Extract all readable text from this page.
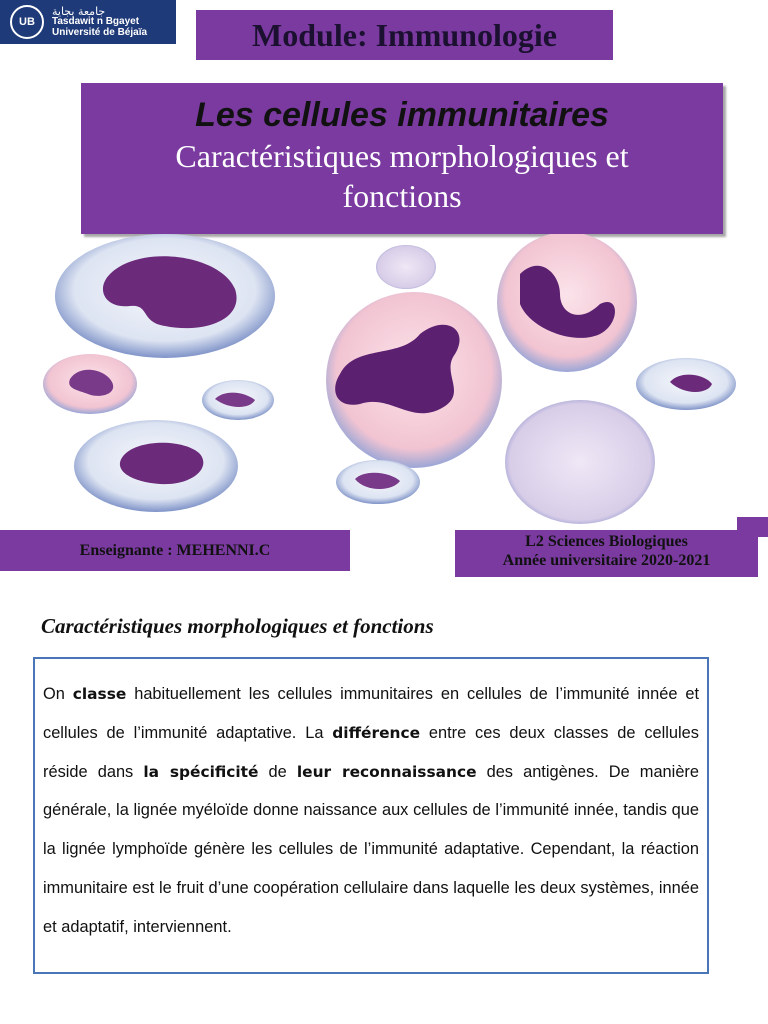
UB
جامعة بجاية
Tasdawit n Bgayet
Université de Béjaïa	Module: Immunologie
Les cellules immunitaires
Caractéristiques morphologiques et
fonctions
Enseignante : MEHENNI.C	L2 Sciences Biologiques
Année universitaire 2020-2021
Caractéristiques morphologiques et fonctions

On classe habituellement les cellules immunitaires en cellules de l’immunité innée et cellules de l’immunité adaptative. La différence entre ces deux classes de cellules réside dans la spécificité de leur reconnaissance des antigènes. De manière générale, la lignée myéloïde donne naissance aux cellules de l’immunité innée, tandis que la lignée lymphoïde génère les cellules de l’immunité adaptative. Cependant, la réaction immunitaire est le fruit d’une coopération cellulaire dans laquelle les deux systèmes, innée et adaptatif, interviennent.
